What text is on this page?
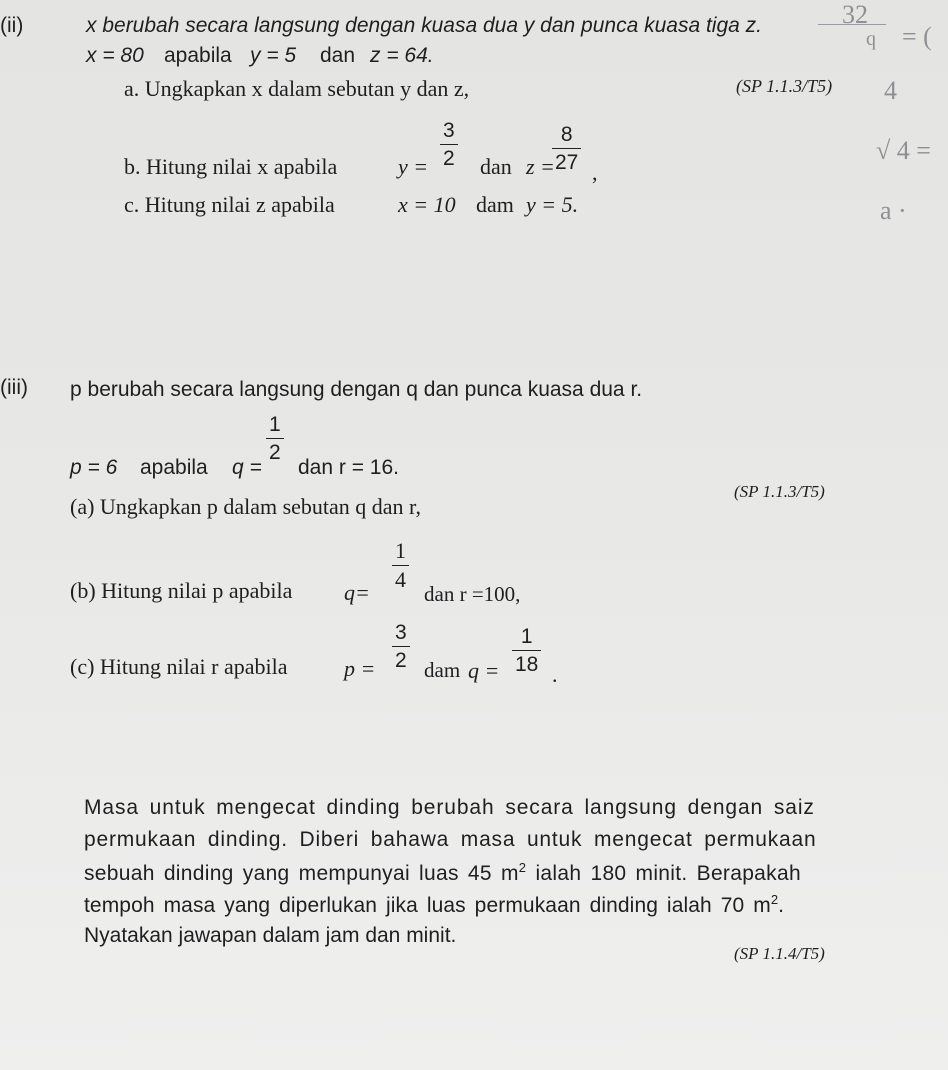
32
= (
q
4
√ 4 =
a ·
(ii)	x berubah secara langsung dengan kuasa dua y dan punca kuasa tiga z.
x = 80 apabila y = 5 dan z = 64.
(SP 1.1.3/T5)
a. Ungkapkan x dalam sebutan y dan z,
b. Hitung nilai x apabila	y =
3
2 dan z =
8
27 ,
c. Hitung nilai z apabila	x = 10 dam y = 5.
(iii) p berubah secara langsung dengan q dan punca kuasa dua r.
p = 6 apabila q =
1
2
dan r = 16.
(SP 1.1.3/T5)
(a) Ungkapkan p dalam sebutan q dan r,
(b) Hitung nilai p apabila q=
1
4
dan r =100,
(c) Hitung nilai r apabila	p =
3
2 dam q =
1
18 .
Masa untuk mengecat dinding berubah secara langsung dengan saiz
permukaan dinding. Diberi bahawa masa untuk mengecat permukaan
sebuah dinding yang mempunyai luas 45 $m^2$ ialah 180 minit. Berapakah
tempoh masa yang diperlukan jika luas permukaan dinding ialah 70 $m^2$.
Nyatakan jawapan dalam jam dan minit.
(SP 1.1.4/T5)
